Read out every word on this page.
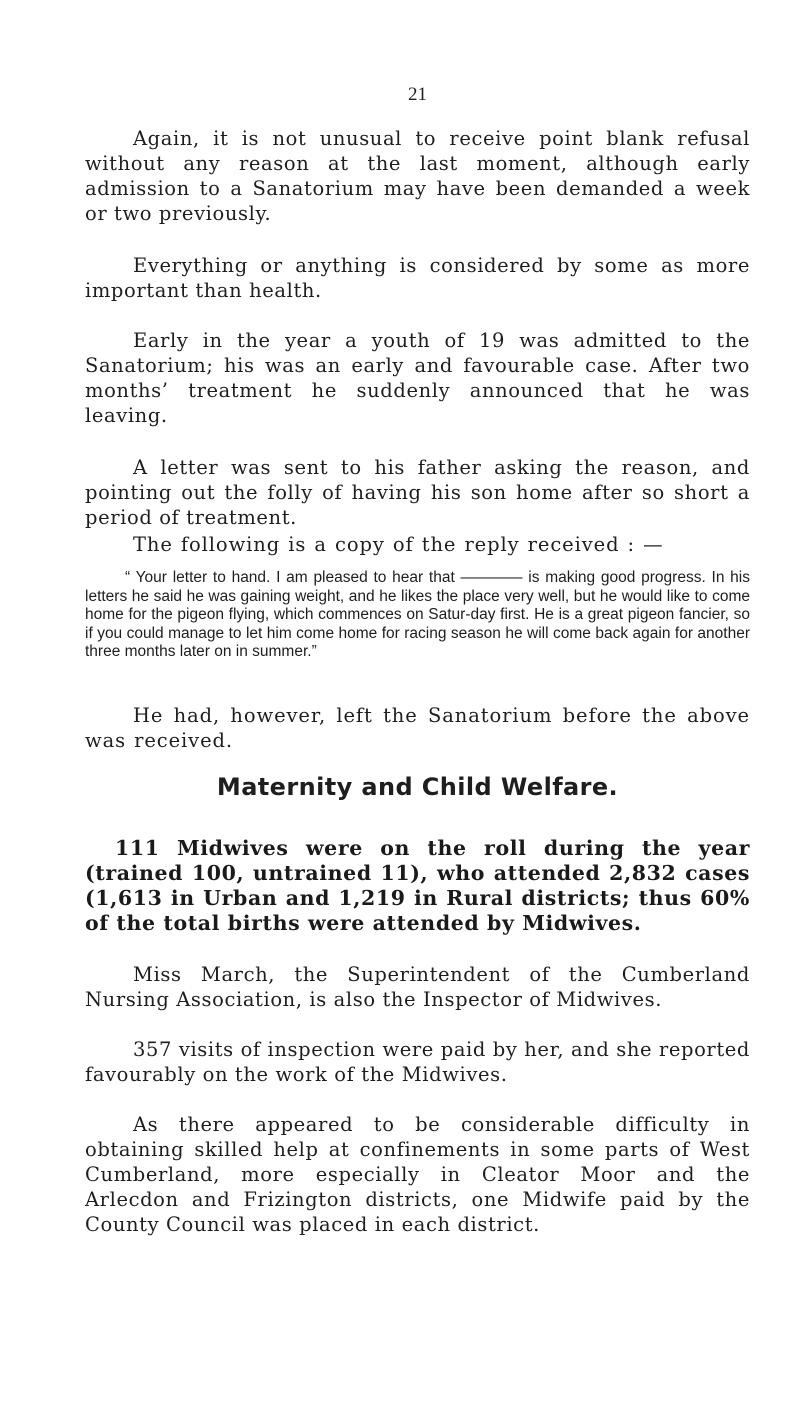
21

Again, it is not unusual to receive point blank refusal without any reason at the last moment, although early admission to a Sanatorium may have been demanded a week or two previously.

Everything or anything is considered by some as more important than health.

Early in the year a youth of 19 was admitted to the Sanatorium; his was an early and favourable case. After two months’ treatment he suddenly announced that he was leaving.

A letter was sent to his father asking the reason, and pointing out the folly of having his son home after so short a period of treatment.

The following is a copy of the reply received : —

“ Your letter to hand. I am pleased to hear that ———— is making good progress. In his letters he said he was gaining weight, and he likes the place very well, but he would like to come home for the pigeon flying, which commences on Satur-day first. He is a great pigeon fancier, so if you could manage to let him come home for racing season he will come back again for another three months later on in summer.”

He had, however, left the Sanatorium before the above was received.

Maternity and Child Welfare.

111 Midwives were on the roll during the year (trained 100, untrained 11), who attended 2,832 cases (1,613 in Urban and 1,219 in Rural districts; thus 60% of the total births were attended by Midwives.

Miss March, the Superintendent of the Cumberland Nursing Association, is also the Inspector of Midwives.

357 visits of inspection were paid by her, and she reported favourably on the work of the Midwives.

As there appeared to be considerable difficulty in obtaining skilled help at confinements in some parts of West Cumberland, more especially in Cleator Moor and the Arlecdon and Frizington districts, one Midwife paid by the County Council was placed in each district.
